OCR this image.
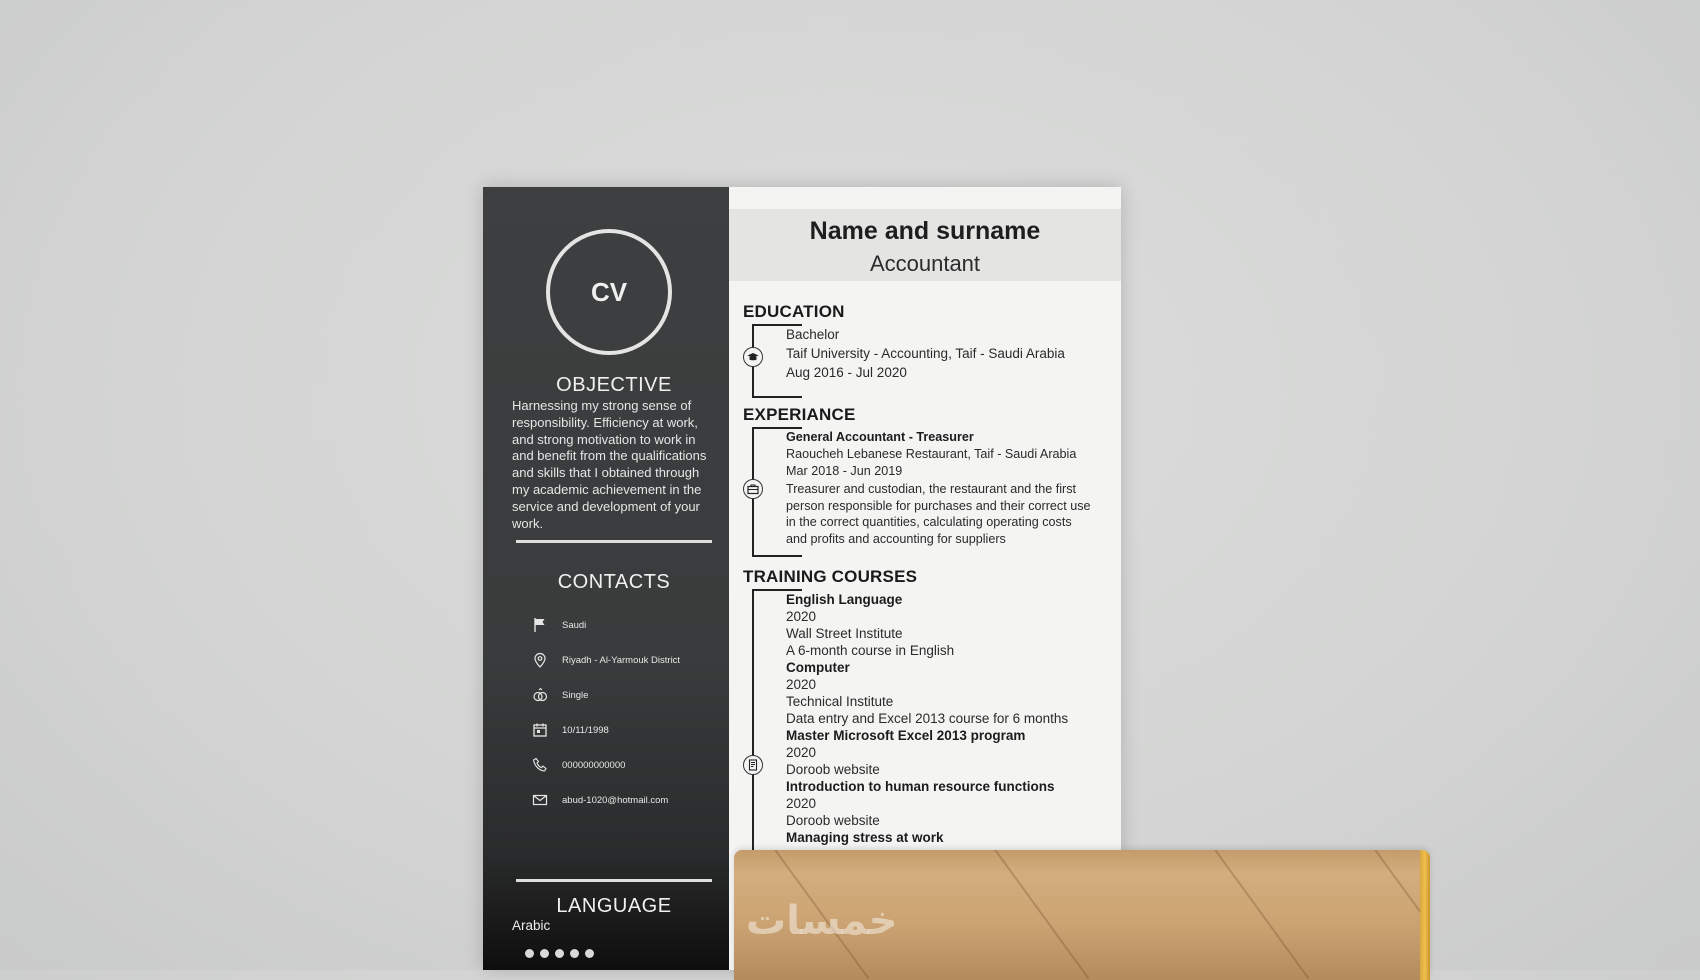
CV
OBJECTIVE
Harnessing my strong sense of responsibility. Efficiency at work, and strong motivation to work in and benefit from the qualifications and skills that I obtained through my academic achievement in the service and development of your work.
CONTACTS
Saudi
Riyadh - Al-Yarmouk District
Single
10/11/1998
000000000000
abud-1020@hotmail.com
LANGUAGE
Arabic
Name and surname
Accountant
EDUCATION
Bachelor
Taif University - Accounting, Taif - Saudi Arabia
Aug 2016 - Jul 2020
EXPERIANCE
General Accountant - Treasurer
Raoucheh Lebanese Restaurant, Taif - Saudi Arabia
Mar 2018 - Jun 2019
Treasurer and custodian, the restaurant and the first person responsible for purchases and their correct use in the correct quantities, calculating operating costs and profits and accounting for suppliers
TRAINING COURSES
English Language
2020
Wall Street Institute
A 6-month course in English
Computer
2020
Technical Institute
Data entry and Excel 2013 course for 6 months
Master Microsoft Excel 2013 program
2020
Doroob website
Introduction to human resource functions
2020
Doroob website
Managing stress at work
خمسات
